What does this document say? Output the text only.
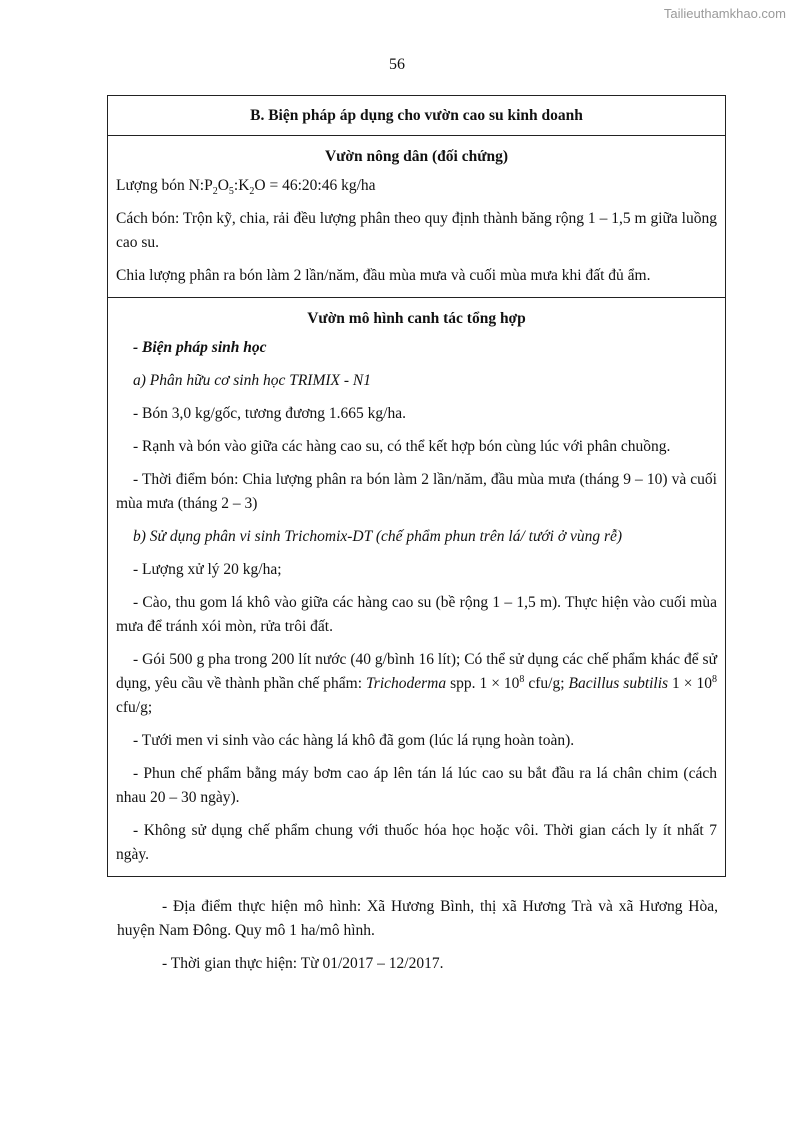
Tailieuthamkhao.com
56
B. Biện pháp áp dụng cho vườn cao su kinh doanh
Vườn nông dân (đối chứng)

Lượng bón $N:P_2O_5:K_2O$ = 46:20:46 kg/ha

Cách bón: Trộn kỹ, chia, rải đều lượng phân theo quy định thành băng rộng 1 – 1,5 m giữa luồng cao su.

Chia lượng phân ra bón làm 2 lần/năm, đầu mùa mưa và cuối mùa mưa khi đất đủ ẩm.

Vườn mô hình canh tác tổng hợp

- Biện pháp sinh học

a) Phân hữu cơ sinh học TRIMIX - N1

- Bón 3,0 kg/gốc, tương đương 1.665 kg/ha.

- Rạnh và bón vào giữa các hàng cao su, có thể kết hợp bón cùng lúc với phân chuồng.

- Thời điểm bón: Chia lượng phân ra bón làm 2 lần/năm, đầu mùa mưa (tháng 9 – 10) và cuối mùa mưa (tháng 2 – 3)

b) Sử dụng phân vi sinh Trichomix-DT (chế phẩm phun trên lá/ tưới ở vùng rễ)

- Lượng xử lý 20 kg/ha;

- Cào, thu gom lá khô vào giữa các hàng cao su (bề rộng 1 – 1,5 m). Thực hiện vào cuối mùa mưa để tránh xói mòn, rửa trôi đất.

- Gói 500 g pha trong 200 lít nước (40 g/bình 16 lít); Có thể sử dụng các chế phẩm khác để sử dụng, yêu cầu về thành phần chế phẩm: Trichoderma spp. $1 \times 10^8$ cfu/g; Bacillus subtilis $1 \times 10^8$ cfu/g;

- Tưới men vi sinh vào các hàng lá khô đã gom (lúc lá rụng hoàn toàn).

- Phun chế phẩm bằng máy bơm cao áp lên tán lá lúc cao su bắt đầu ra lá chân chim (cách nhau 20 – 30 ngày).

- Không sử dụng chế phẩm chung với thuốc hóa học hoặc vôi. Thời gian cách ly ít nhất 7 ngày.

- Địa điểm thực hiện mô hình: Xã Hương Bình, thị xã Hương Trà và xã Hương Hòa, huyện Nam Đông. Quy mô 1 ha/mô hình.

- Thời gian thực hiện: Từ 01/2017 – 12/2017.
